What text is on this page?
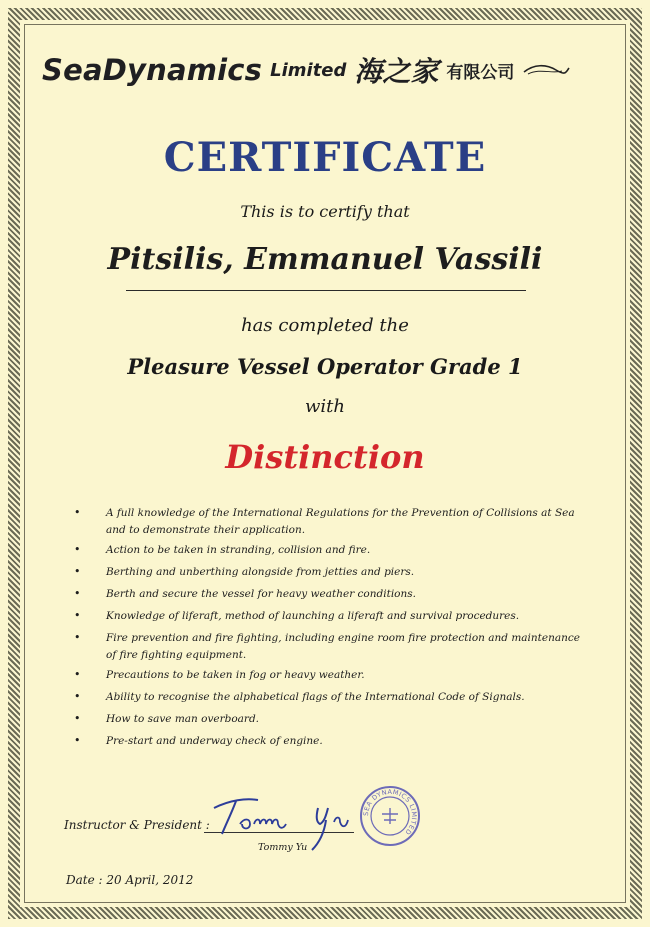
SeaDynamics Limited 海之家 有限公司
CERTIFICATE
This is to certify that
Pitsilis, Emmanuel Vassili
has completed the
Pleasure Vessel Operator Grade 1
with
Distinction
• A full knowledge of the International Regulations for the Prevention of Collisions at Sea
and to demonstrate their application.
• Action to be taken in stranding, collision and fire.
• Berthing and unberthing alongside from jetties and piers.
• Berth and secure the vessel for heavy weather conditions.
• Knowledge of liferaft, method of launching a liferaft and survival procedures.
• Fire prevention and fire fighting, including engine room fire protection and maintenance
of fire fighting equipment.
• Precautions to be taken in fog or heavy weather.
• Ability to recognise the alphabetical flags of the International Code of Signals.
• How to save man overboard.
• Pre-start and underway check of engine.
Instructor & President :
Tommy Yu
SEA DYNAMICS LIMITED
Date : 20 April, 2012
